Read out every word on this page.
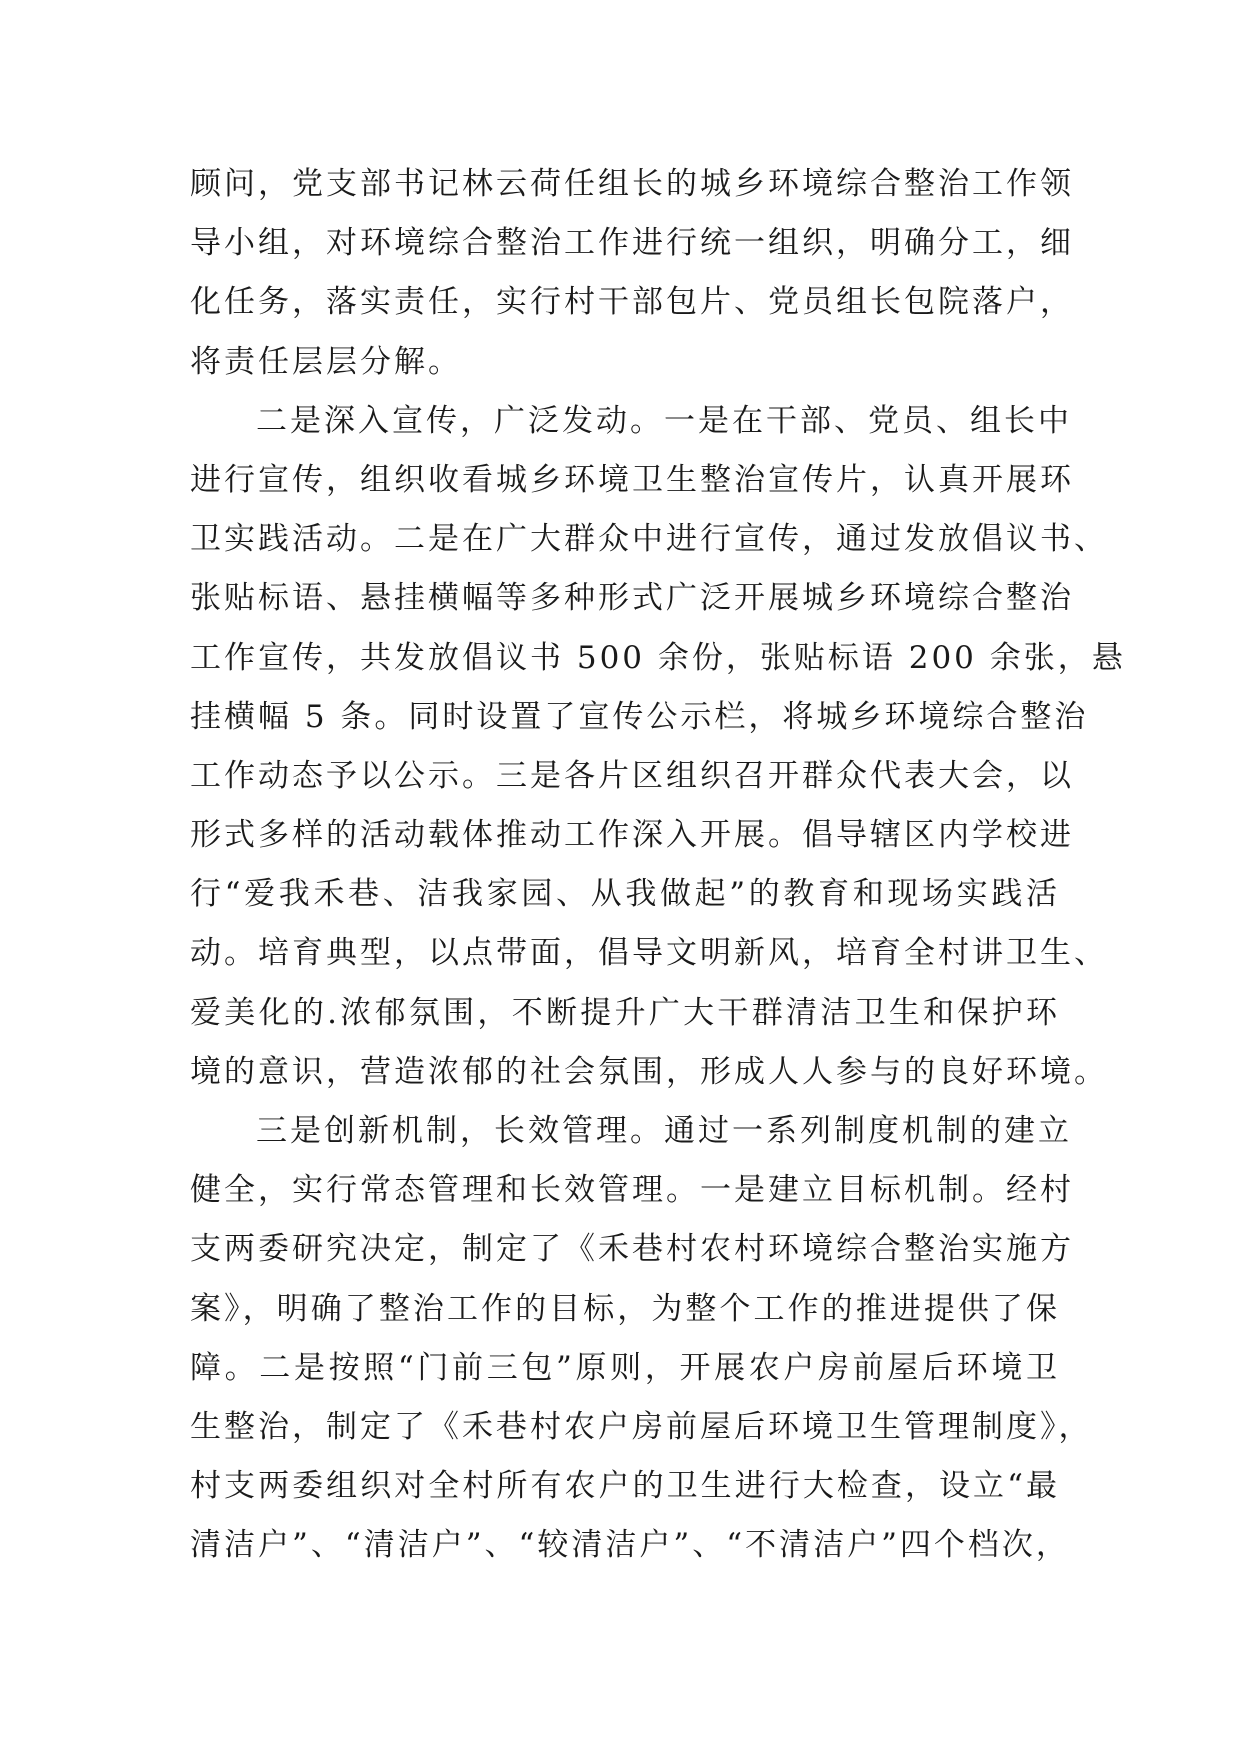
顾问，党支部书记林云荷任组长的城乡环境综合整治工作领
导小组，对环境综合整治工作进行统一组织，明确分工，细
化任务，落实责任，实行村干部包片、党员组长包院落户，
将责任层层分解。
二是深入宣传，广泛发动。一是在干部、党员、组长中
进行宣传，组织收看城乡环境卫生整治宣传片，认真开展环
卫实践活动。二是在广大群众中进行宣传，通过发放倡议书、
张贴标语、悬挂横幅等多种形式广泛开展城乡环境综合整治
工作宣传，共发放倡议书 500 余份，张贴标语 200 余张，悬
挂横幅 5 条。同时设置了宣传公示栏，将城乡环境综合整治
工作动态予以公示。三是各片区组织召开群众代表大会，以
形式多样的活动载体推动工作深入开展。倡导辖区内学校进
行“爱我禾巷、洁我家园、从我做起”的教育和现场实践活
动。培育典型，以点带面，倡导文明新风，培育全村讲卫生、
爱美化的.浓郁氛围，不断提升广大干群清洁卫生和保护环
境的意识，营造浓郁的社会氛围，形成人人参与的良好环境。
三是创新机制，长效管理。通过一系列制度机制的建立
健全，实行常态管理和长效管理。一是建立目标机制。经村
支两委研究决定，制定了《禾巷村农村环境综合整治实施方
案》，明确了整治工作的目标，为整个工作的推进提供了保
障。二是按照“门前三包”原则，开展农户房前屋后环境卫
生整治，制定了《禾巷村农户房前屋后环境卫生管理制度》，
村支两委组织对全村所有农户的卫生进行大检查，设立“最
清洁户”、“清洁户”、“较清洁户”、“不清洁户”四个档次，
